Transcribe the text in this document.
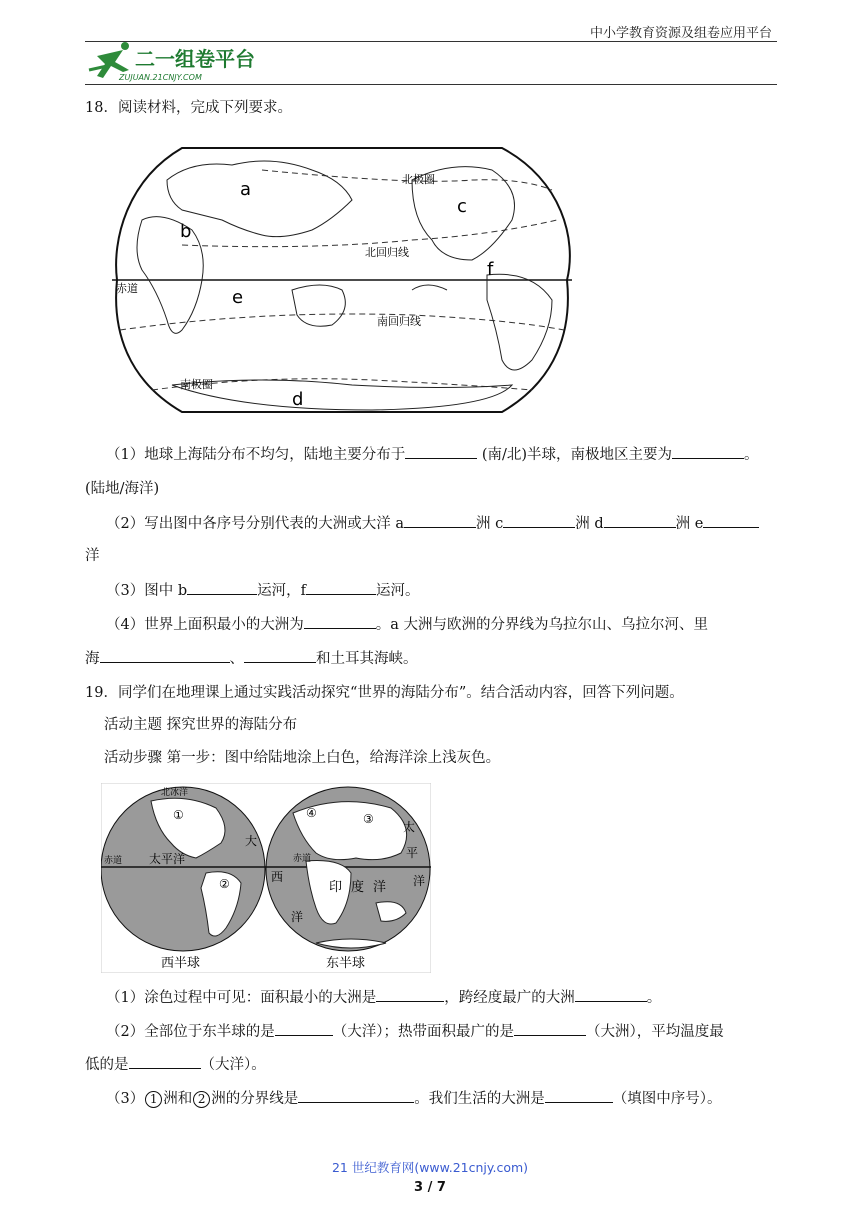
中小学教育资源及组卷应用平台
二一组卷平台
ZUJUAN.21CNJY.COM
18．阅读材料，完成下列要求。
a
b
c
d
e
f
北极圈
北回归线
赤道
南回归线
南极圈
（1）地球上海陆分布不均匀，陆地主要分布于	(南/北)半球，南极地区主要为	。
(陆地/海洋)
（2）写出图中各序号分别代表的大洲或大洋 a	洲 c	洲 d	洲 e
洋
（3）图中 b	运河，f	运河。
（4）世界上面积最小的大洲为	。a 大洲与欧洲的分界线为乌拉尔山、乌拉尔河、里
海	、	和土耳其海峡。
19．同学们在地理课上通过实践活动探究“世界的海陆分布”。结合活动内容，回答下列问题。
活动主题 探究世界的海陆分布
活动步骤 第一步：图中给陆地涂上白色，给海洋涂上浅灰色。
赤道 太平洋
北冰洋
①
②
③
④
大
赤道
西
洋
印 度 洋
太
平
洋
西半球	东半球
（1）涂色过程中可见：面积最小的大洲是	，跨经度最广的大洲	。
（2）全部位于东半球的是	（大洋）；热带面积最广的是	（大洲），平均温度最
低的是	（大洋）。
（3） 1 洲和 2 洲的分界线是	。我们生活的大洲是	（填图中序号）。
21 世纪教育网(www.21cnjy.com)
3 / 7
